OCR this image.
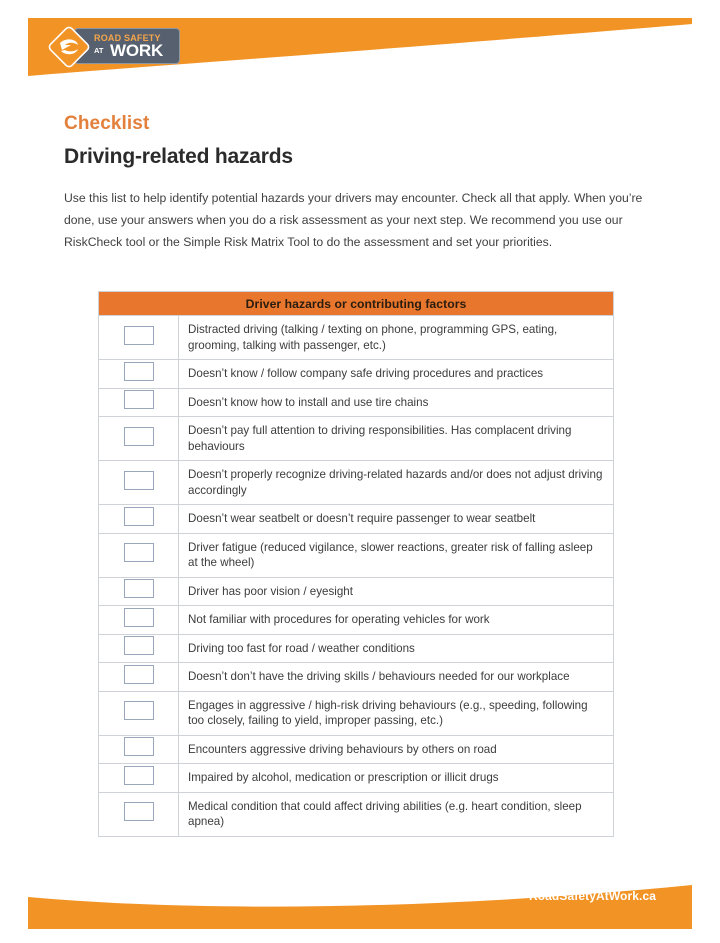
Road safety is smart business.
ROAD SAFETY
AT WORK
Checklist
Driving-related hazards

Use this list to help identify potential hazards your drivers may encounter. Check all that apply. When you’re done, use your answers when you do a risk assessment as your next step. We recommend you use our RiskCheck tool or the Simple Risk Matrix Tool to do the assessment and set your priorities.

Driver hazards or contributing factors	
	Distracted driving (talking / texting on phone, programming GPS, eating, grooming, talking with passenger, etc.)
	Doesn’t know / follow company safe driving procedures and practices
	Doesn’t know how to install and use tire chains
	Doesn’t pay full attention to driving responsibilities. Has complacent driving behaviours
	Doesn’t properly recognize driving-related hazards and/or does not adjust driving accordingly
	Doesn’t wear seatbelt or doesn’t require passenger to wear seatbelt
	Driver fatigue (reduced vigilance, slower reactions, greater risk of falling asleep at the wheel)
	Driver has poor vision / eyesight
	Not familiar with procedures for operating vehicles for work
	Driving too fast for road / weather conditions
	Doesn’t don’t have the driving skills / behaviours needed for our workplace
	Engages in aggressive / high-risk driving behaviours (e.g., speeding, following too closely, failing to yield, improper passing, etc.)
	Encounters aggressive driving behaviours by others on road
	Impaired by alcohol, medication or prescription or illicit drugs
	Medical condition that could affect driving abilities (e.g. heart condition, sleep apnea)
RoadSafetyAtWork.ca
